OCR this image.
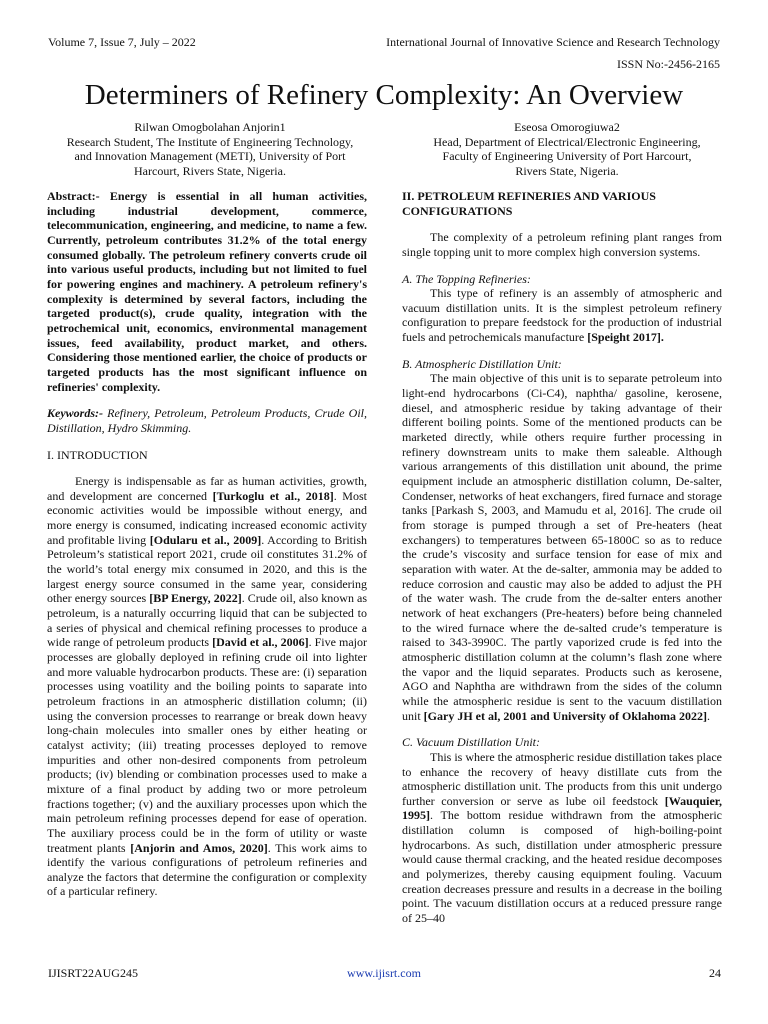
Volume 7, Issue 7, July – 2022	International Journal of Innovative Science and Research Technology
ISSN No:-2456-2165
Determiners of Refinery Complexity: An Overview
Rilwan Omogbolahan Anjorin1
Research Student, The Institute of Engineering Technology,
and Innovation Management (METI), University of Port
Harcourt, Rivers State, Nigeria.
Eseosa Omorogiuwa2
Head, Department of Electrical/Electronic Engineering,
Faculty of Engineering University of Port Harcourt,
Rivers State, Nigeria.

Abstract:- Energy is essential in all human activities, including industrial development, commerce, telecommunication, engineering, and medicine, to name a few. Currently, petroleum contributes 31.2% of the total energy consumed globally. The petroleum refinery converts crude oil into various useful products, including but not limited to fuel for powering engines and machinery. A petroleum refinery's complexity is determined by several factors, including the targeted product(s), crude quality, integration with the petrochemical unit, economics, environmental management issues, feed availability, product market, and others. Considering those mentioned earlier, the choice of products or targeted products has the most significant influence on refineries' complexity.

Keywords:- Refinery, Petroleum, Petroleum Products, Crude Oil, Distillation, Hydro Skimming.

I. INTRODUCTION

Energy is indispensable as far as human activities, growth, and development are concerned [Turkoglu et al., 2018]. Most economic activities would be impossible without energy, and more energy is consumed, indicating increased economic activity and profitable living [Odularu et al., 2009]. According to British Petroleum’s statistical report 2021, crude oil constitutes 31.2% of the world’s total energy mix consumed in 2020, and this is the largest energy source consumed in the same year, considering other energy sources [BP Energy, 2022]. Crude oil, also known as petroleum, is a naturally occurring liquid that can be subjected to a series of physical and chemical refining processes to produce a wide range of petroleum products [David et al., 2006]. Five major processes are globally deployed in refining crude oil into lighter and more valuable hydrocarbon products. These are: (i) separation processes using voatility and the boiling points to saparate into petroleum fractions in an atmospheric distillation column; (ii) using the conversion processes to rearrange or break down heavy long-chain molecules into smaller ones by either heating or catalyst activity; (iii) treating processes deployed to remove impurities and other non-desired components from petroleum products; (iv) blending or combination processes used to make a mixture of a final product by adding two or more petroleum fractions together; (v) and the auxiliary processes upon which the main petroleum refining processes depend for ease of operation. The auxiliary process could be in the form of utility or waste treatment plants [Anjorin and Amos, 2020]. This work aims to identify the various configurations of petroleum refineries and analyze the factors that determine the configuration or complexity of a particular refinery.

II. PETROLEUM REFINERIES AND VARIOUS

CONFIGURATIONS

The complexity of a petroleum refining plant ranges from single topping unit to more complex high conversion systems.

A. The Topping Refineries:

This type of refinery is an assembly of atmospheric and vacuum distillation units. It is the simplest petroleum refinery configuration to prepare feedstock for the production of industrial fuels and petrochemicals manufacture [Speight 2017].

B. Atmospheric Distillation Unit:

The main objective of this unit is to separate petroleum into light-end hydrocarbons (Ci-C4), naphtha/ gasoline, kerosene, diesel, and atmospheric residue by taking advantage of their different boiling points. Some of the mentioned products can be marketed directly, while others require further processing in refinery downstream units to make them saleable. Although various arrangements of this distillation unit abound, the prime equipment include an atmospheric distillation column, De-salter, Condenser, networks of heat exchangers, fired furnace and storage tanks [Parkash S, 2003, and Mamudu et al, 2016]. The crude oil from storage is pumped through a set of Pre-heaters (heat exchangers) to temperatures between 65-1800C so as to reduce the crude’s viscosity and surface tension for ease of mix and separation with water. At the de-salter, ammonia may be added to reduce corrosion and caustic may also be added to adjust the PH of the water wash. The crude from the de-salter enters another network of heat exchangers (Pre-heaters) before being channeled to the wired furnace where the de-salted crude’s temperature is raised to 343-3990C. The partly vaporized crude is fed into the atmospheric distillation column at the column’s flash zone where the vapor and the liquid separates. Products such as kerosene, AGO and Naphtha are withdrawn from the sides of the column while the atmospheric residue is sent to the vacuum distillation unit [Gary JH et al, 2001 and University of Oklahoma 2022].

C. Vacuum Distillation Unit:

This is where the atmospheric residue distillation takes place to enhance the recovery of heavy distillate cuts from the atmospheric distillation unit. The products from this unit undergo further conversion or serve as lube oil feedstock [Wauquier, 1995]. The bottom residue withdrawn from the atmospheric distillation column is composed of high-boiling-point hydrocarbons. As such, distillation under atmospheric pressure would cause thermal cracking, and the heated residue decomposes and polymerizes, thereby causing equipment fouling. Vacuum creation decreases pressure and results in a decrease in the boiling point. The vacuum distillation occurs at a reduced pressure range of 25–40

IJISRT22AUG245	www.ijisrt.com	24
